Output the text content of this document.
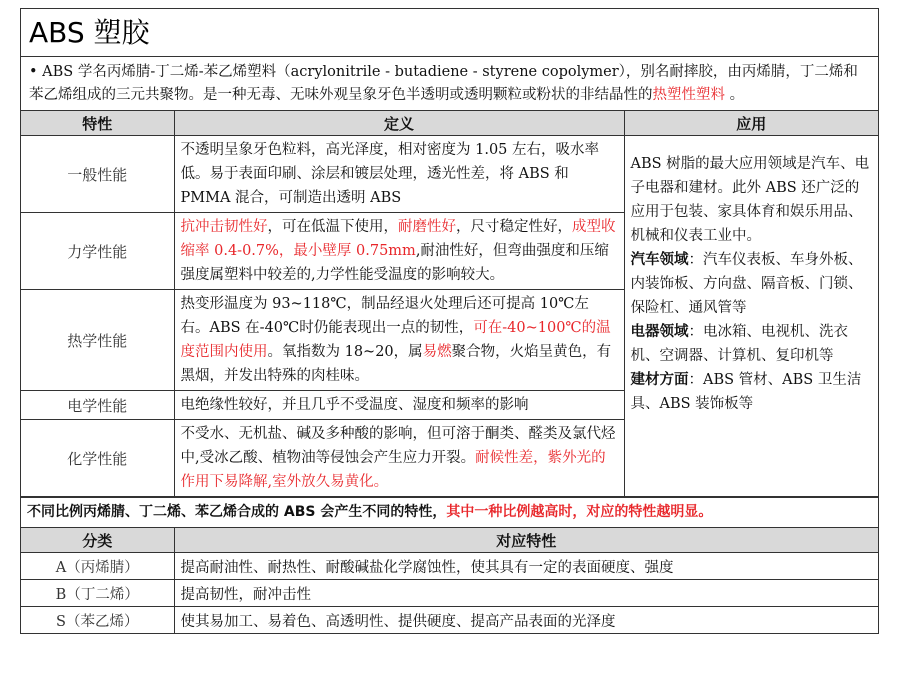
ABS 塑胶
• ABS 学名丙烯腈-丁二烯-苯乙烯塑料（acrylonitrile - butadiene - styrene copolymer），别名耐摔胶，由丙烯腈，丁二烯和苯乙烯组成的三元共聚物。是一种无毒、无味外观呈象牙色半透明或透明颗粒或粉状的非结晶性的热塑性塑料 。
特性	定义	应用
一般性能	不透明呈象牙色粒料，高光泽度，相对密度为 1.05 左右，吸水率低。易于表面印刷、涂层和镀层处理，透光性差，将 ABS 和 PMMA 混合，可制造出透明 ABS	ABS 树脂的最大应用领域是汽车、电子电器和建材。此外 ABS 还广泛的应用于包装、家具体育和娱乐用品、机械和仪表工业中。
汽车领域：汽车仪表板、车身外板、内装饰板、方向盘、隔音板、门锁、保险杠、通风管等
电器领域：电冰箱、电视机、洗衣机、空调器、计算机、复印机等
建材方面：ABS 管材、ABS 卫生洁具、ABS 装饰板等
力学性能	抗冲击韧性好，可在低温下使用，耐磨性好，尺寸稳定性好，成型收缩率 0.4-0.7%，最小壁厚 0.75mm,耐油性好，但弯曲强度和压缩强度属塑料中较差的,力学性能受温度的影响较大。	
热学性能	热变形温度为 93~118℃，制品经退火处理后还可提高 10℃左右。ABS 在-40℃时仍能表现出一点的韧性，可在-40~100℃的温度范围内使用。氧指数为 18~20，属易燃聚合物，火焰呈黄色，有黑烟，并发出特殊的肉桂味。	
电学性能	电绝缘性较好，并且几乎不受温度、湿度和频率的影响	
化学性能	不受水、无机盐、碱及多种酸的影响，但可溶于酮类、醛类及氯代烃中,受冰乙酸、植物油等侵蚀会产生应力开裂。耐候性差，紫外光的作用下易降解,室外放久易黄化。	
不同比例丙烯腈、丁二烯、苯乙烯合成的 ABS 会产生不同的特性，其中一种比例越高时，对应的特性越明显。
分类	对应特性
A（丙烯腈）	提高耐油性、耐热性、耐酸碱盐化学腐蚀性，使其具有一定的表面硬度、强度
B（丁二烯）	提高韧性，耐冲击性
S（苯乙烯）	使其易加工、易着色、高透明性、提供硬度、提高产品表面的光泽度
